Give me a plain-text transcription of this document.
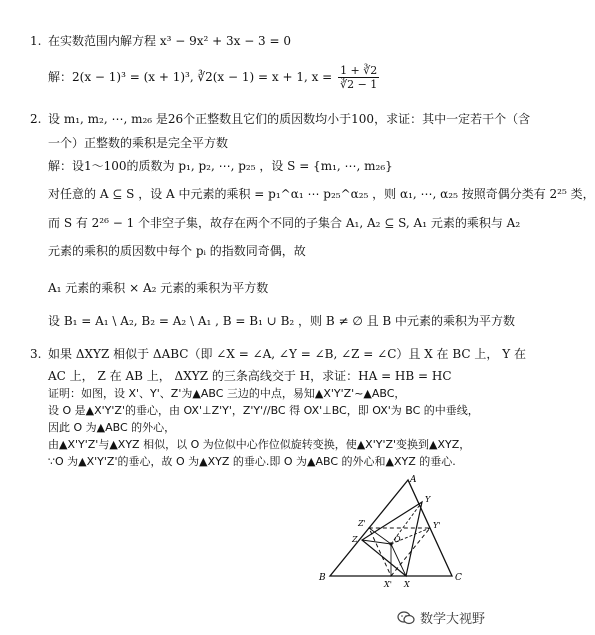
1. 在实数范围内解方程 x³ − 9x² + 3x − 3 = 0
解：2(x − 1)³ = (x + 1)³, ∛2(x − 1) = x + 1, $x = \frac{1 + ∛2}{∛2 - 1}$
2. 设 m₁, m₂, ⋯, m₂₆ 是26个正整数且它们的质因数均小于100，求证：其中一定若干个（含
一个）正整数的乘积是完全平方数
解：设1～100的质数为 p₁, p₂, ⋯, p₂₅ ，设 S = {m₁, ⋯, m₂₆}
对任意的 A ⊆ S ，设 A 中元素的乘积 = p₁^α₁ ⋯ p₂₅^α₂₅ ，则 α₁, ⋯, α₂₅ 按照奇偶分类有 2²⁵ 类，
而 S 有 2²⁶ − 1 个非空子集，故存在两个不同的子集合 A₁, A₂ ⊆ S, A₁ 元素的乘积与 A₂
元素的乘积的质因数中每个 pᵢ 的指数同奇偶，故
A₁ 元素的乘积 × A₂ 元素的乘积为平方数
设 B₁ = A₁ \ A₂, B₂ = A₂ \ A₁ , B = B₁ ∪ B₂ ，则 B ≠ ∅ 且 B 中元素的乘积为平方数
3. 如果 ΔXYZ 相似于 ΔABC（即 ∠X = ∠A, ∠Y = ∠B, ∠Z = ∠C）且 X 在 BC 上， Y 在
AC 上， Z 在 AB 上， ΔXYZ 的三条高线交于 H，求证：HA = HB = HC
证明：如图，设 X'、Y'、Z'为▲ABC 三边的中点，易知▲X'Y'Z'~▲ABC，
设 O 是▲X'Y'Z'的垂心，由 OX'⊥Z'Y'，Z'Y'//BC 得 OX'⊥BC，即 OX'为 BC 的中垂线，
因此 O 为▲ABC 的外心，
由▲X'Y'Z'与▲XYZ 相似，以 O 为位似中心作位似旋转变换，使▲X'Y'Z'变换到▲XYZ，
∵O 为▲X'Y'Z'的垂心，故 O 为▲XYZ 的垂心.即 O 为▲ABC 的外心和▲XYZ 的垂心.
A
B	C
X
Y
Z
X'
Y'
Z'
O
数学大视野
